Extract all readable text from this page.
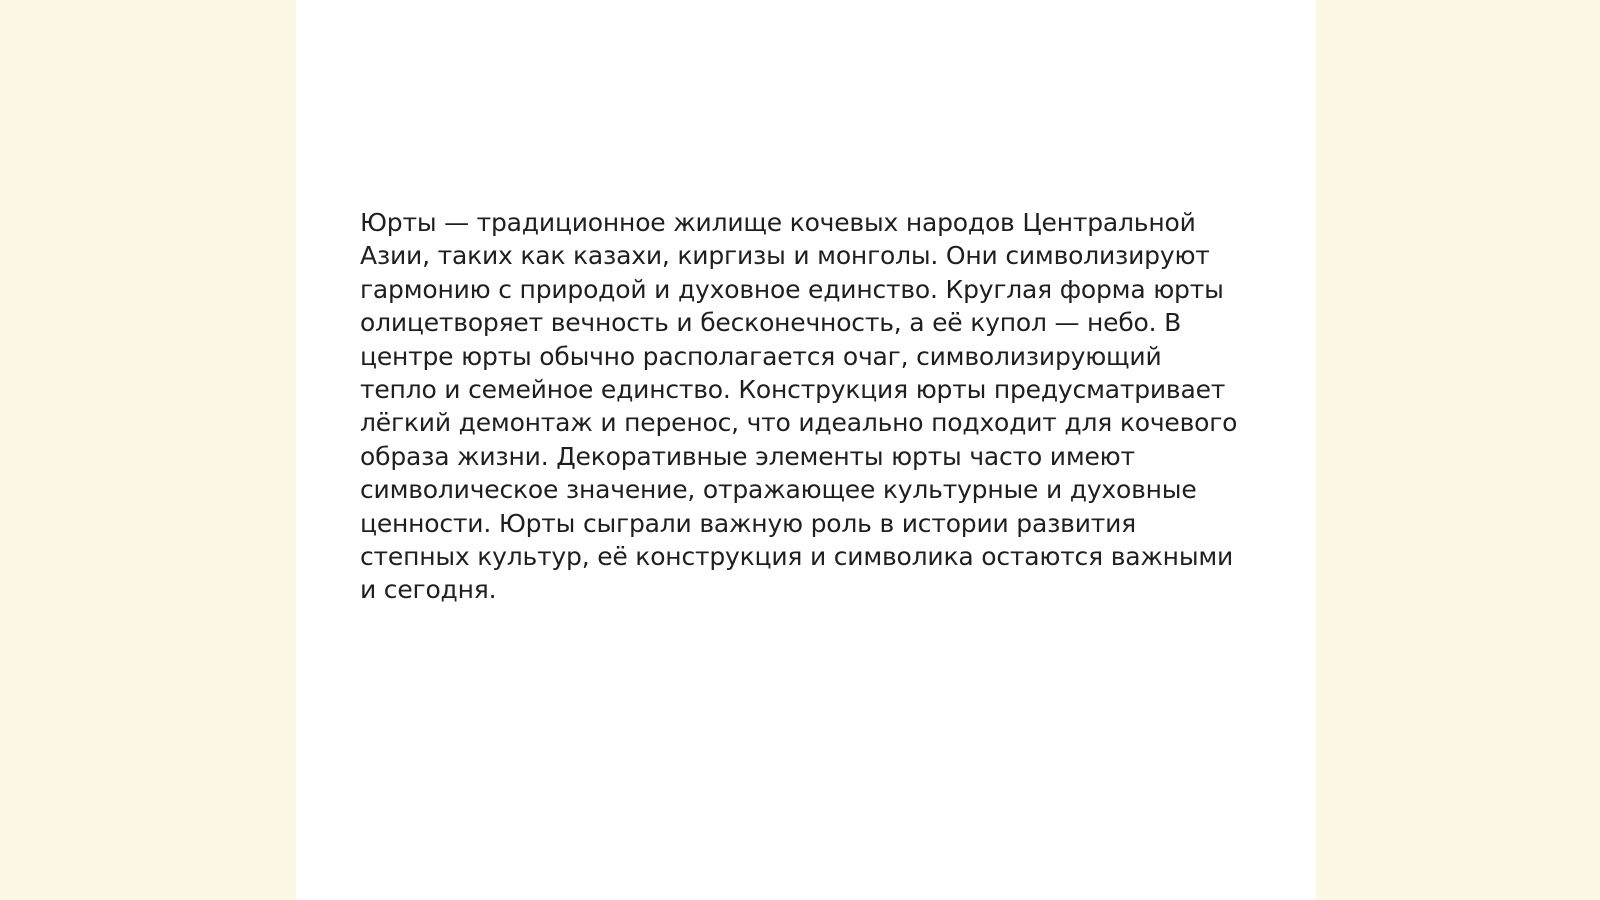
Юрты — традиционное жилище кочевых народов Центральной Азии, таких как казахи, киргизы и монголы. Они символизируют гармонию с природой и духовное единство. Круглая форма юрты олицетворяет вечность и бесконечность, а её купол — небо. В центре юрты обычно располагается очаг, символизирующий тепло и семейное единство. Конструкция юрты предусматривает лёгкий демонтаж и перенос, что идеально подходит для кочевого образа жизни. Декоративные элементы юрты часто имеют символическое значение, отражающее культурные и духовные ценности. Юрты сыграли важную роль в истории развития степных культур, её конструкция и символика остаются важными и сегодня.
